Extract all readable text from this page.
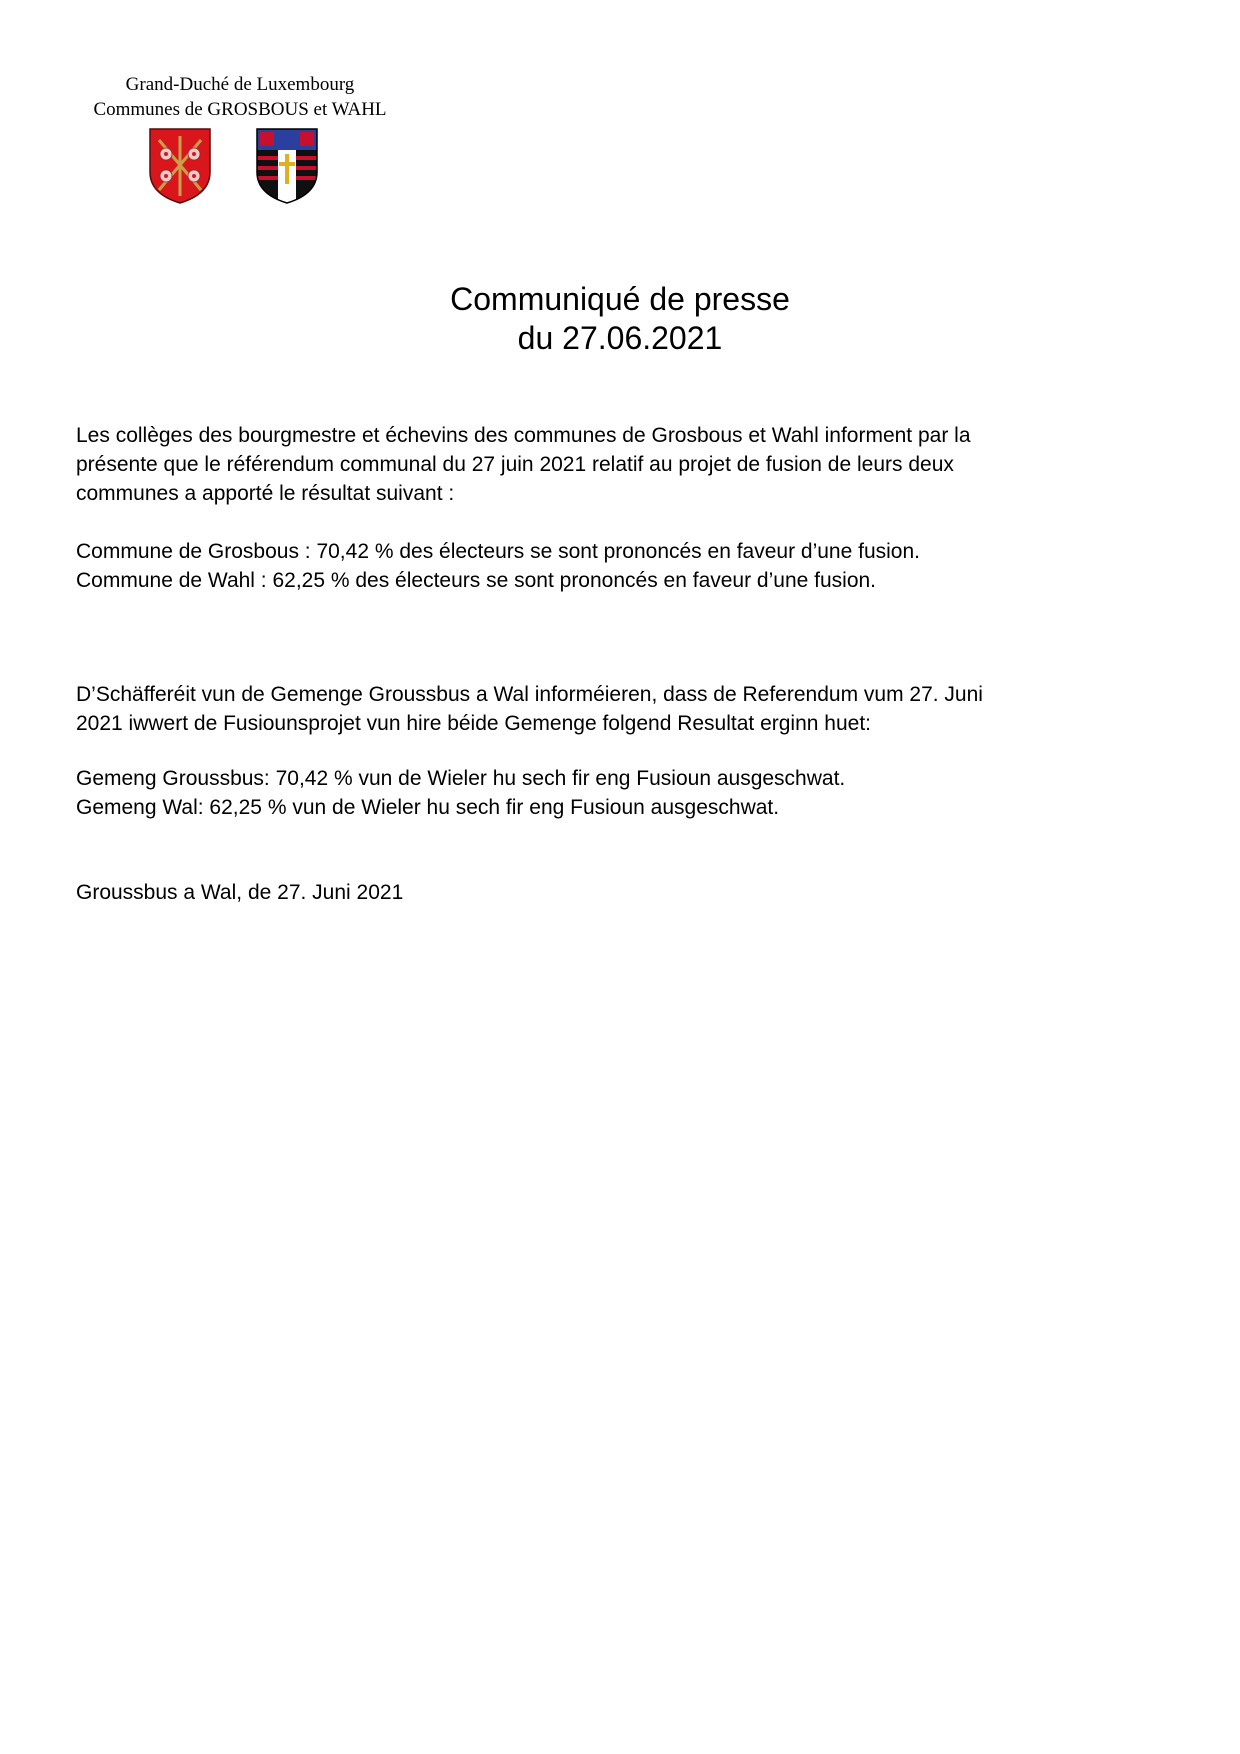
Grand-Duché de Luxembourg
Communes de GROSBOUS et WAHL
Communiqué de presse
du 27.06.2021

Les collèges des bourgmestre et échevins des communes de Grosbous et Wahl informent par la
présente que le référendum communal du 27 juin 2021 relatif au projet de fusion de leurs deux
communes a apporté le résultat suivant :

Commune de Grosbous : 70,42 % des électeurs se sont prononcés en faveur d’une fusion.
Commune de Wahl : 62,25 % des électeurs se sont prononcés en faveur d’une fusion.

D’Schäfferéit vun de Gemenge Groussbus a Wal informéieren, dass de Referendum vum 27. Juni
2021 iwwert de Fusiounsprojet vun hire béide Gemenge folgend Resultat erginn huet:

Gemeng Groussbus: 70,42 % vun de Wieler hu sech fir eng Fusioun ausgeschwat.
Gemeng Wal: 62,25 % vun de Wieler hu sech fir eng Fusioun ausgeschwat.

Groussbus a Wal, de 27. Juni 2021
